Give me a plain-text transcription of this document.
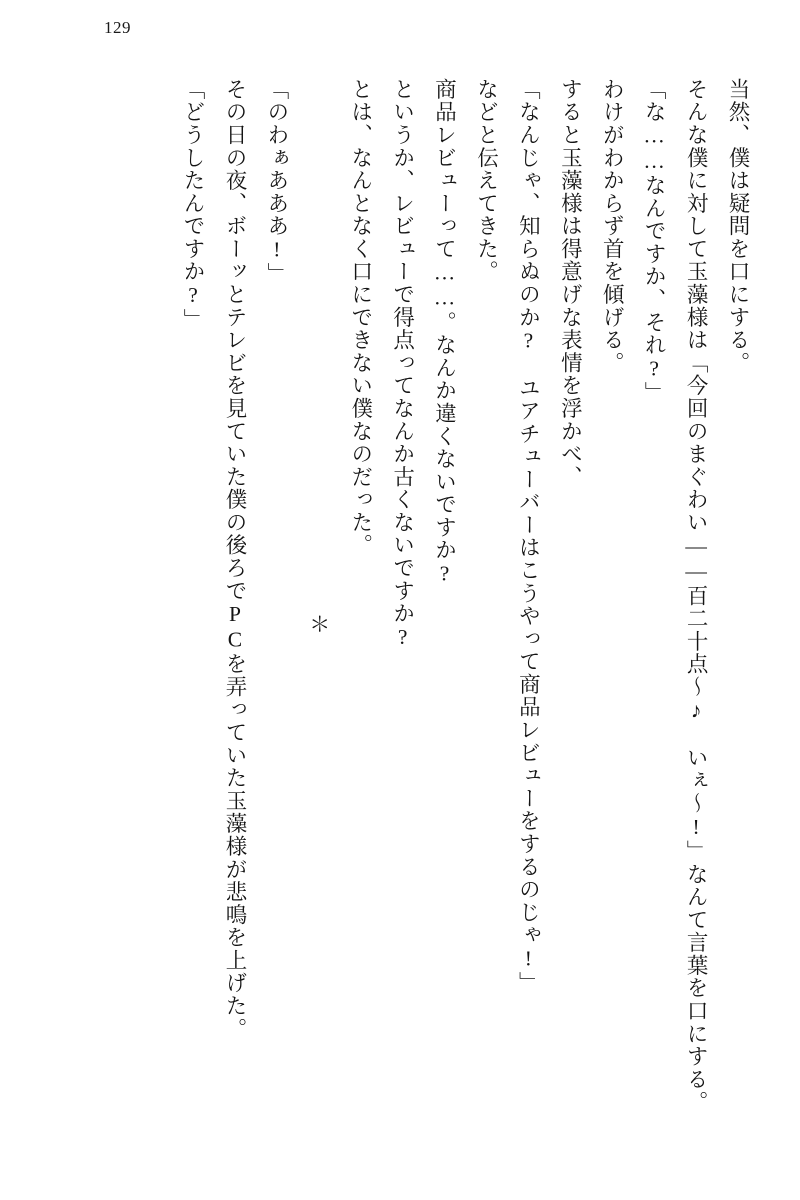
129
当然、僕は疑問を口にする。
そんな僕に対して玉藻様は「今回のまぐわい——百二十点〜♪　いぇ〜!」なんて言葉を口にする。
「な……なんですか、それ?」
わけがわからず首を傾げる。
すると玉藻様は得意げな表情を浮かべ、
「なんじゃ、知らぬのか?　ユアチューバーはこうやって商品レビューをするのじゃ!」
などと伝えてきた。
商品レビューって……。なんか違くないですか?
というか、レビューで得点ってなんか古くないですか?
とは、なんとなく口にできない僕なのだった。
＊
「のわぁあああ!」
その日の夜、ボーッとテレビを見ていた僕の後ろでPCを弄っていた玉藻様が悲鳴を上げた。
「どうしたんですか?」
